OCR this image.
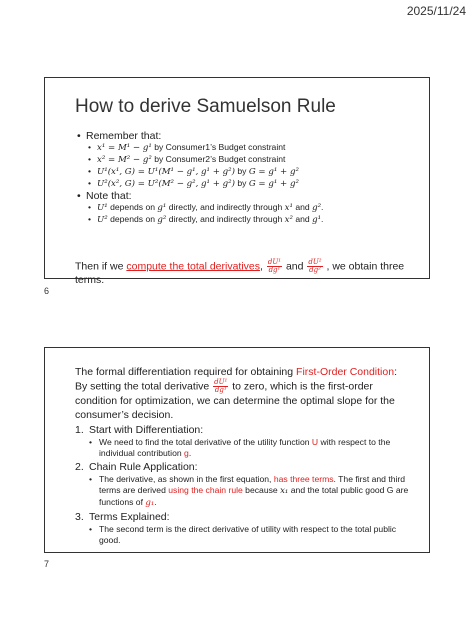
2025/11/24
How to derive Samuelson Rule
• Remember that:
• x¹ = M¹ − g¹ by Consumer1’s Budget constraint
• x² = M² − g² by Consumer2’s Budget constraint
• U¹(x¹, G) = U¹(M¹ − g¹, g¹ + g²) by G = g¹ + g²
• U²(x², G) = U²(M² − g², g¹ + g²) by G = g¹ + g²
• Note that:
• U¹ depends on g¹ directly, and indirectly through x¹ and g².
• U² depends on g² directly, and indirectly through x² and g¹.
Then if we compute the total derivatives, $\frac{\text{dU¹}}{\text{dg¹}}$ and $\frac{\text{dU²}}{\text{dg²}}$ , we obtain three terms.
6
The formal differentiation required for obtaining First-Order Condition: By setting the total derivative $\frac{\text{dU¹}}{\text{dg¹}}$ to zero, which is the first-order condition for optimization, we can determine the optimal slope for the consumer’s decision.
1. Start with Differentiation:
• We need to find the total derivative of the utility function U with respect to the individual contribution g.
2. Chain Rule Application:
• The derivative, as shown in the first equation, has three terms. The first and third terms are derived using the chain rule because x₁ and the total public good G are functions of g₁.
3. Terms Explained:
• The second term is the direct derivative of utility with respect to the total public good.
7
